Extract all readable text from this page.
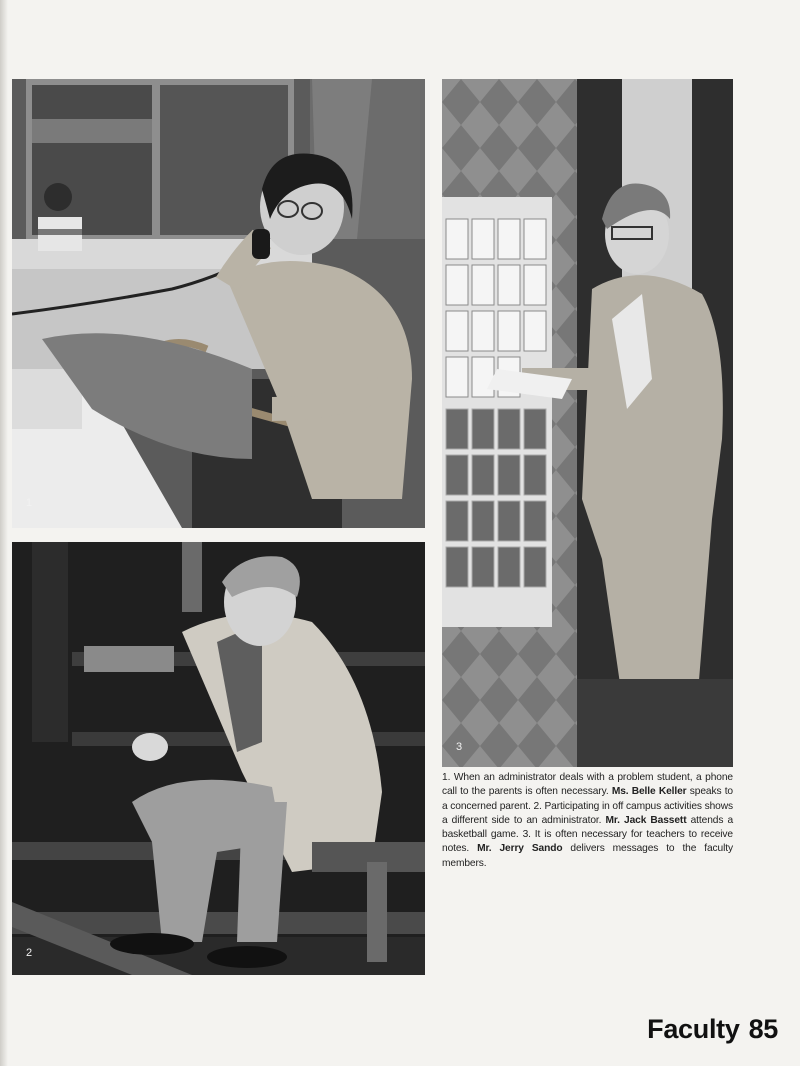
1
2
3
1. When an administrator deals with a problem student, a phone call to the parents is often necessary. Ms. Belle Keller speaks to a concerned parent. 2. Participating in off campus activities shows a different side to an administrator. Mr. Jack Bassett attends a basketball game. 3. It is often necessary for teachers to receive notes. Mr. Jerry Sando delivers messages to the faculty members.
Faculty 85
